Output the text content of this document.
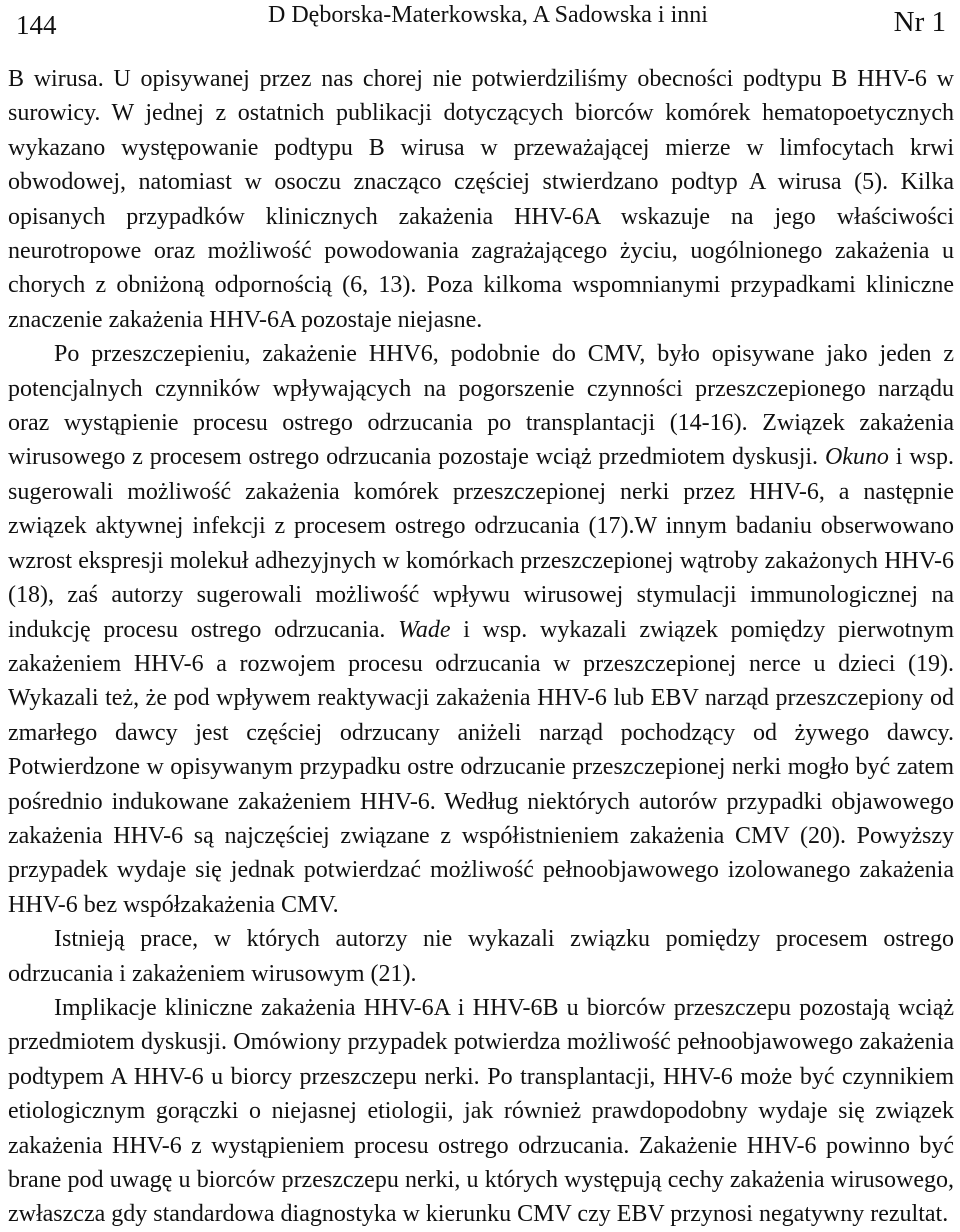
144	D Dęborska-Materkowska, A Sadowska i inni	Nr 1

B wirusa. U opisywanej przez nas chorej nie potwierdziliśmy obecności podtypu B HHV-6 w surowicy. W jednej z ostatnich publikacji dotyczących biorców komórek hematopoetycznych wykazano występowanie podtypu B wirusa w przeważającej mierze w limfocytach krwi obwodowej, natomiast w osoczu znacząco częściej stwierdzano podtyp A wirusa (5). Kilka opisanych przypadków klinicznych zakażenia HHV-6A wskazuje na jego właściwości neurotropowe oraz możliwość powodowania zagrażającego życiu, uogólnionego zakażenia u chorych z obniżoną odpornością (6, 13). Poza kilkoma wspomnianymi przypadkami kliniczne znaczenie zakażenia HHV-6A pozostaje niejasne.

Po przeszczepieniu, zakażenie HHV6, podobnie do CMV, było opisywane jako jeden z potencjalnych czynników wpływających na pogorszenie czynności przeszczepionego narządu oraz wystąpienie procesu ostrego odrzucania po transplantacji (14-16). Związek zakażenia wirusowego z procesem ostrego odrzucania pozostaje wciąż przedmiotem dyskusji. Okuno i wsp. sugerowali możliwość zakażenia komórek przeszczepionej nerki przez HHV-6, a następnie związek aktywnej infekcji z procesem ostrego odrzucania (17).W innym badaniu obserwowano wzrost ekspresji molekuł adhezyjnych w komórkach przeszczepionej wątroby zakażonych HHV-6 (18), zaś autorzy sugerowali możliwość wpływu wirusowej stymulacji immunologicznej na indukcję procesu ostrego odrzucania. Wade i wsp. wykazali związek pomiędzy pierwotnym zakażeniem HHV-6 a rozwojem procesu odrzucania w przeszczepionej nerce u dzieci (19). Wykazali też, że pod wpływem reaktywacji zakażenia HHV-6 lub EBV narząd przeszczepiony od zmarłego dawcy jest częściej odrzucany aniżeli narząd pochodzący od żywego dawcy. Potwierdzone w opisywanym przypadku ostre odrzucanie przeszczepionej nerki mogło być zatem pośrednio indukowane zakażeniem HHV-6. Według niektórych autorów przypadki objawowego zakażenia HHV-6 są najczęściej związane z współistnieniem zakażenia CMV (20). Powyższy przypadek wydaje się jednak potwierdzać możliwość pełnoobjawowego izolowanego zakażenia HHV-6 bez współzakażenia CMV.

Istnieją prace, w których autorzy nie wykazali związku pomiędzy procesem ostrego odrzucania i zakażeniem wirusowym (21).

Implikacje kliniczne zakażenia HHV-6A i HHV-6B u biorców przeszczepu pozostają wciąż przedmiotem dyskusji. Omówiony przypadek potwierdza możliwość pełnoobjawowego zakażenia podtypem A HHV-6 u biorcy przeszczepu nerki. Po transplantacji, HHV-6 może być czynnikiem etiologicznym gorączki o niejasnej etiologii, jak również prawdopodobny wydaje się związek zakażenia HHV-6 z wystąpieniem procesu ostrego odrzucania. Zakażenie HHV-6 powinno być brane pod uwagę u biorców przeszczepu nerki, u których występują cechy zakażenia wirusowego, zwłaszcza gdy standardowa diagnostyka w kierunku CMV czy EBV przynosi negatywny rezultat.
